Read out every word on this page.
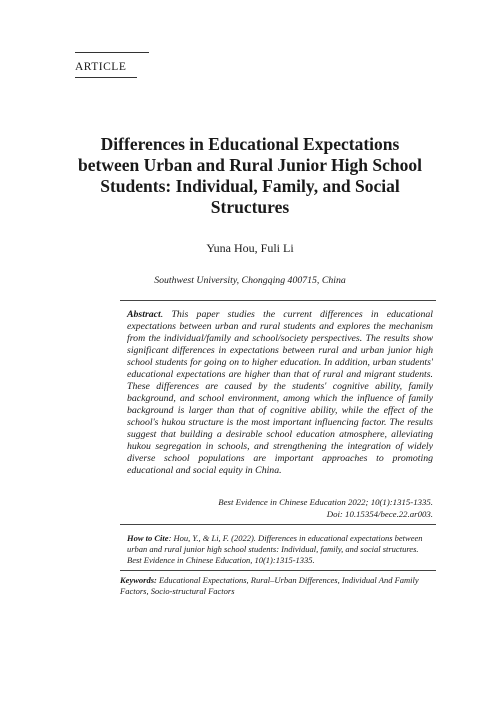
ARTICLE
Differences in Educational Expectations between Urban and Rural Junior High School Students: Individual, Family, and Social Structures
Yuna Hou, Fuli Li
Southwest University, Chongqing 400715, China
Abstract. This paper studies the current differences in educational expectations between urban and rural students and explores the mechanism from the individual/family and school/society perspectives. The results show significant differences in expectations between rural and urban junior high school students for going on to higher education. In addition, urban students' educational expectations are higher than that of rural and migrant students. These differences are caused by the students' cognitive ability, family background, and school environment, among which the influence of family background is larger than that of cognitive ability, while the effect of the school's hukou structure is the most important influencing factor. The results suggest that building a desirable school education atmosphere, alleviating hukou segregation in schools, and strengthening the integration of widely diverse school populations are important approaches to promoting educational and social equity in China.
Best Evidence in Chinese Education 2022; 10(1):1315-1335.
Doi: 10.15354/bece.22.ar003.
How to Cite: Hou, Y., & Li, F. (2022). Differences in educational expectations between urban and rural junior high school students: Individual, family, and social structures. Best Evidence in Chinese Education, 10(1):1315-1335.
Keywords: Educational Expectations, Rural–Urban Differences, Individual And Family Factors, Socio-structural Factors
